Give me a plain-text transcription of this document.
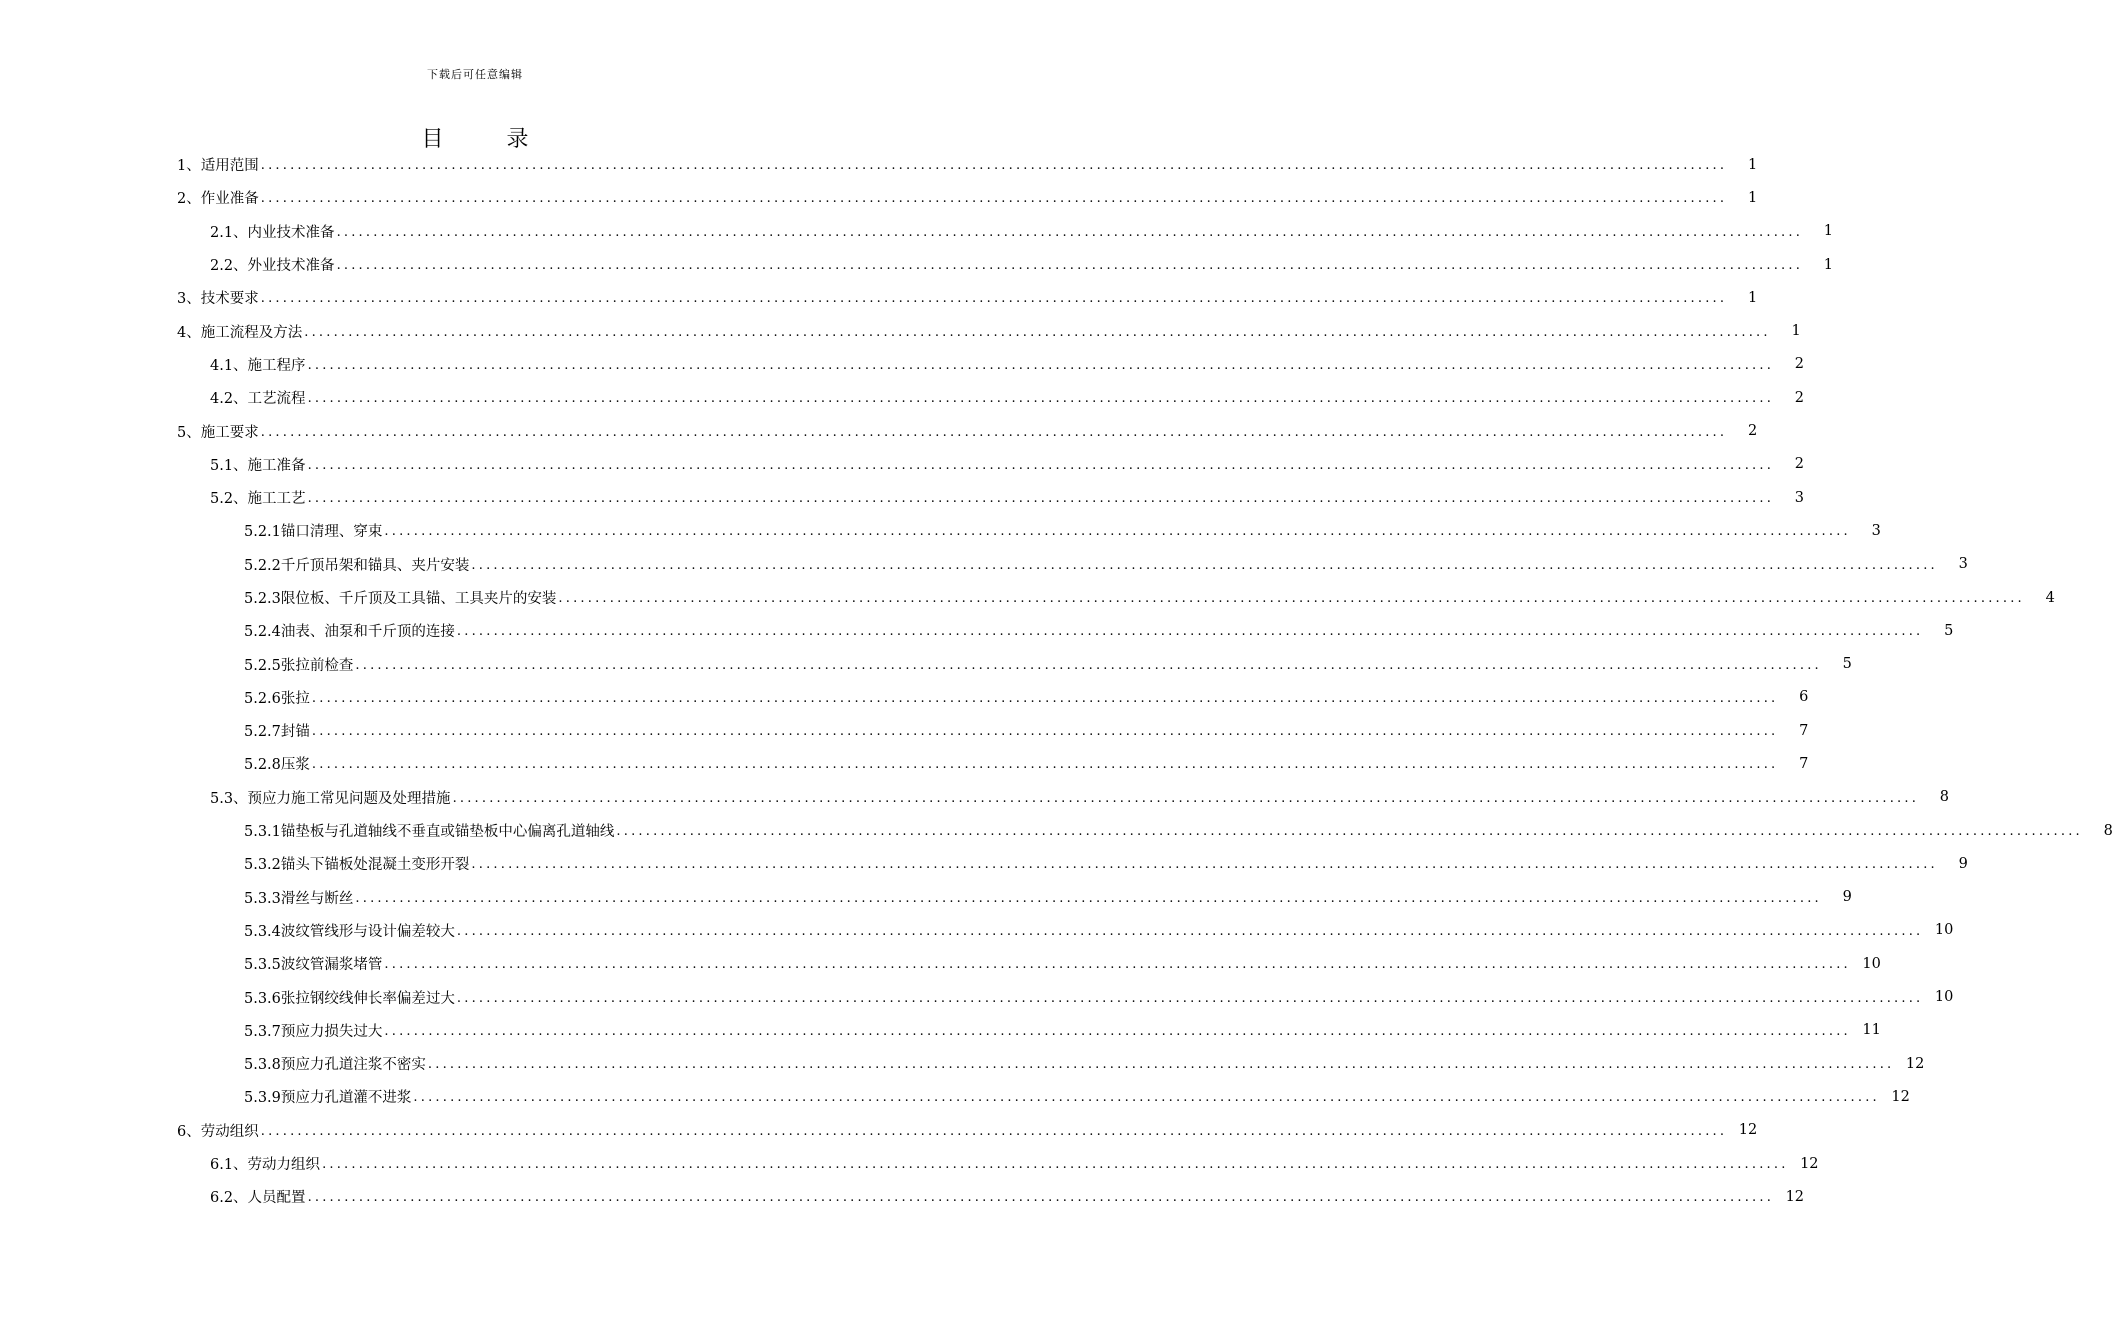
下载后可任意编辑
目 录
1、适用范围 ........................................................................................................................................................................................................	1
2、作业准备 ........................................................................................................................................................................................................	1
2.1、内业技术准备 ........................................................................................................................................................................................................	1
2.2、外业技术准备 ........................................................................................................................................................................................................	1
3、技术要求 ........................................................................................................................................................................................................	1
4、施工流程及方法 ........................................................................................................................................................................................................	1
4.1、施工程序 ........................................................................................................................................................................................................	2
4.2、工艺流程 ........................................................................................................................................................................................................	2
5、施工要求 ........................................................................................................................................................................................................	2
5.1、施工准备 ........................................................................................................................................................................................................	2
5.2、施工工艺 ........................................................................................................................................................................................................	3
5.2.1锚口清理、穿束 ........................................................................................................................................................................................................	3
5.2.2千斤顶吊架和锚具、夹片安装 ........................................................................................................................................................................................................	3
5.2.3限位板、千斤顶及工具锚、工具夹片的安装 ........................................................................................................................................................................................................	4
5.2.4油表、油泵和千斤顶的连接 ........................................................................................................................................................................................................	5
5.2.5张拉前检查 ........................................................................................................................................................................................................	5
5.2.6张拉 ........................................................................................................................................................................................................	6
5.2.7封锚 ........................................................................................................................................................................................................	7
5.2.8压浆 ........................................................................................................................................................................................................	7
5.3、预应力施工常见问题及处理措施 ........................................................................................................................................................................................................	8
5.3.1锚垫板与孔道轴线不垂直或锚垫板中心偏离孔道轴线 ........................................................................................................................................................................................................	8
5.3.2锚头下锚板处混凝土变形开裂 ........................................................................................................................................................................................................	9
5.3.3滑丝与断丝 ........................................................................................................................................................................................................	9
5.3.4波纹管线形与设计偏差较大 ........................................................................................................................................................................................................ 10
5.3.5波纹管漏浆堵管 ........................................................................................................................................................................................................ 10
5.3.6张拉钢绞线伸长率偏差过大 ........................................................................................................................................................................................................ 10
5.3.7预应力损失过大 ........................................................................................................................................................................................................ 11
5.3.8预应力孔道注浆不密实 ........................................................................................................................................................................................................ 12
5.3.9预应力孔道灌不进浆 ........................................................................................................................................................................................................ 12
6、劳动组织 ........................................................................................................................................................................................................ 12
6.1、劳动力组织 ........................................................................................................................................................................................................ 12
6.2、人员配置 ........................................................................................................................................................................................................ 12
